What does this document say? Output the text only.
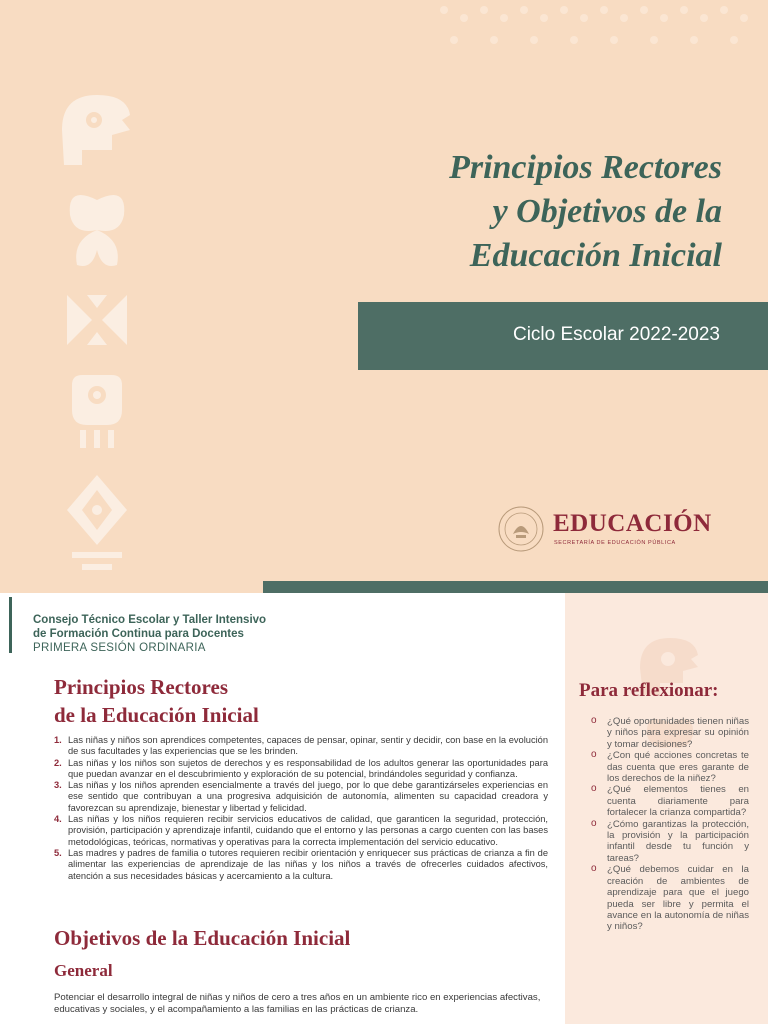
Principios Rectores
y Objetivos de la
Educación Inicial
Ciclo Escolar 2022-2023
EDUCACIÓN
SECRETARÍA DE EDUCACIÓN PÚBLICA

Consejo Técnico Escolar y Taller Intensivo

de Formación Continua para Docentes

PRIMERA SESIÓN ORDINARIA

Principios Rectores
de la Educación Inicial
1. Las niñas y niños son aprendices competentes, capaces de pensar, opinar, sentir y decidir, con base en la evolución de sus facultades y las experiencias que se les brinden.
2. Las niñas y los niños son sujetos de derechos y es responsabilidad de los adultos generar las oportunidades para que puedan avanzar en el descubrimiento y exploración de su potencial, brindándoles seguridad y confianza.
3. Las niñas y los niños aprenden esencialmente a través del juego, por lo que debe garantizárseles experiencias en ese sentido que contribuyan a una progresiva adquisición de autonomía, alimenten su capacidad creadora y favorezcan su aprendizaje, bienestar y libertad y felicidad.
4. Las niñas y los niños requieren recibir servicios educativos de calidad, que garanticen la seguridad, protección, provisión, participación y aprendizaje infantil, cuidando que el entorno y las personas a cargo cuenten con las bases metodológicas, teóricas, normativas y operativas para la correcta implementación del servicio educativo.
5. Las madres y padres de familia o tutores requieren recibir orientación y enriquecer sus prácticas de crianza a fin de alimentar las experiencias de aprendizaje de las niñas y los niños a través de ofrecerles cuidados afectivos, atención a sus necesidades básicas y acercamiento a la cultura.
Objetivos de la Educación Inicial
General

Potenciar el desarrollo integral de niñas y niños de cero a tres años en un ambiente rico en experiencias afectivas, educativas y sociales, y el acompañamiento a las familias en las prácticas de crianza.

Para reflexionar:
o ¿Qué oportunidades tienen niñas y niños para expresar su opinión y tomar decisiones?
o ¿Con qué acciones concretas te das cuenta que eres garante de los derechos de la niñez?
o ¿Qué elementos tienes en cuenta diariamente para fortalecer la crianza compartida?
o ¿Cómo garantizas la protección, la provisión y la participación infantil desde tu función y tareas?
o ¿Qué debemos cuidar en la creación de ambientes de aprendizaje para que el juego pueda ser libre y permita el avance en la autonomía de niñas y niños?
